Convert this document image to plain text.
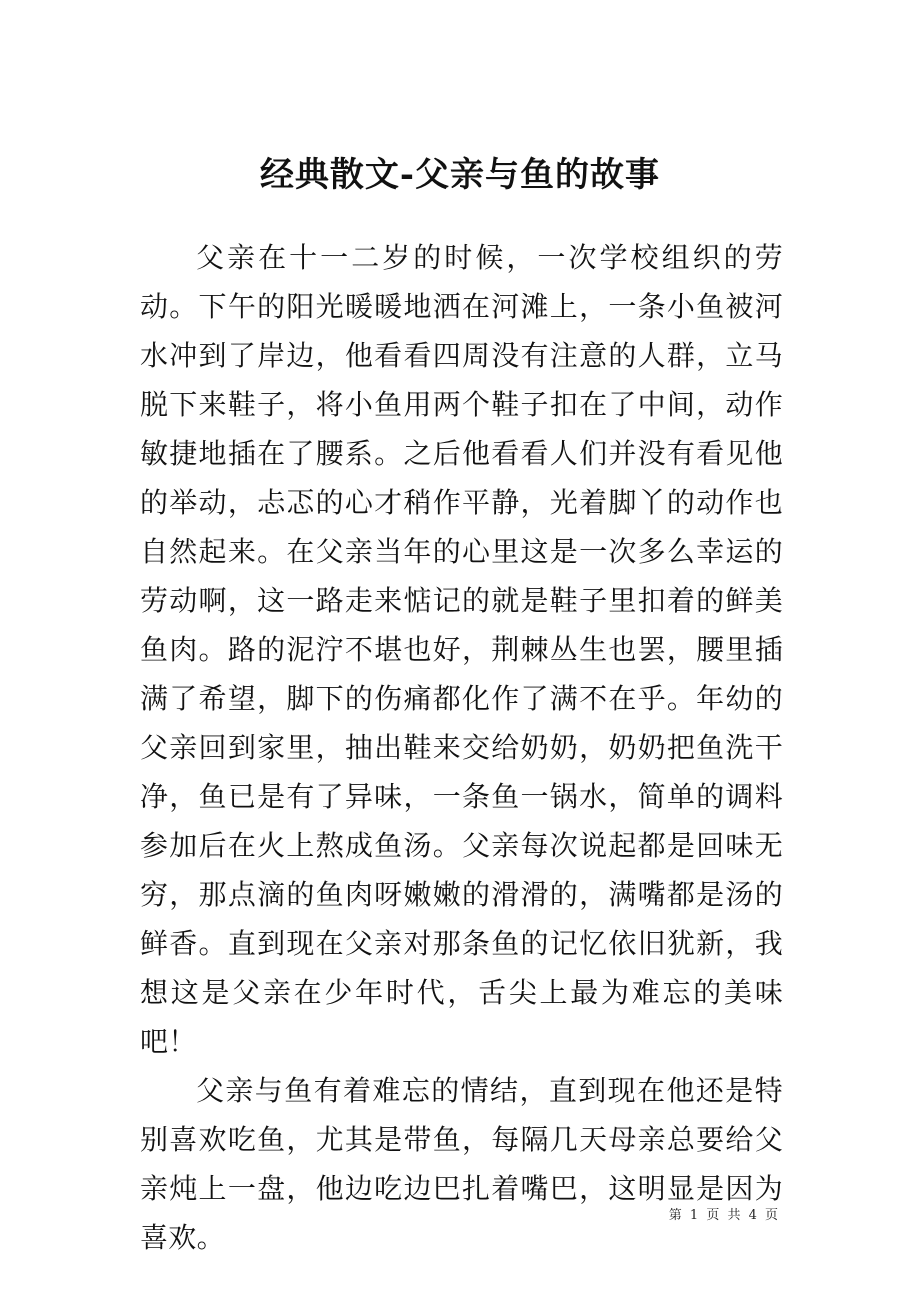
经典散文-父亲与鱼的故事

父亲在十一二岁的时候，一次学校组织的劳动。下午的阳光暖暖地洒在河滩上，一条小鱼被河水冲到了岸边，他看看四周没有注意的人群，立马脱下来鞋子，将小鱼用两个鞋子扣在了中间，动作敏捷地插在了腰系。之后他看看人们并没有看见他的举动，忐忑的心才稍作平静，光着脚丫的动作也自然起来。在父亲当年的心里这是一次多么幸运的劳动啊，这一路走来惦记的就是鞋子里扣着的鲜美鱼肉。路的泥泞不堪也好，荆棘丛生也罢，腰里插满了希望，脚下的伤痛都化作了满不在乎。年幼的父亲回到家里，抽出鞋来交给奶奶，奶奶把鱼洗干净，鱼已是有了异味，一条鱼一锅水，简单的调料参加后在火上熬成鱼汤。父亲每次说起都是回味无穷，那点滴的鱼肉呀嫩嫩的滑滑的，满嘴都是汤的鲜香。直到现在父亲对那条鱼的记忆依旧犹新，我想这是父亲在少年时代，舌尖上最为难忘的美味吧！

父亲与鱼有着难忘的情结，直到现在他还是特别喜欢吃鱼，尤其是带鱼，每隔几天母亲总要给父亲炖上一盘，他边吃边巴扎着嘴巴，这明显是因为喜欢。

第 1 页 共 4 页
